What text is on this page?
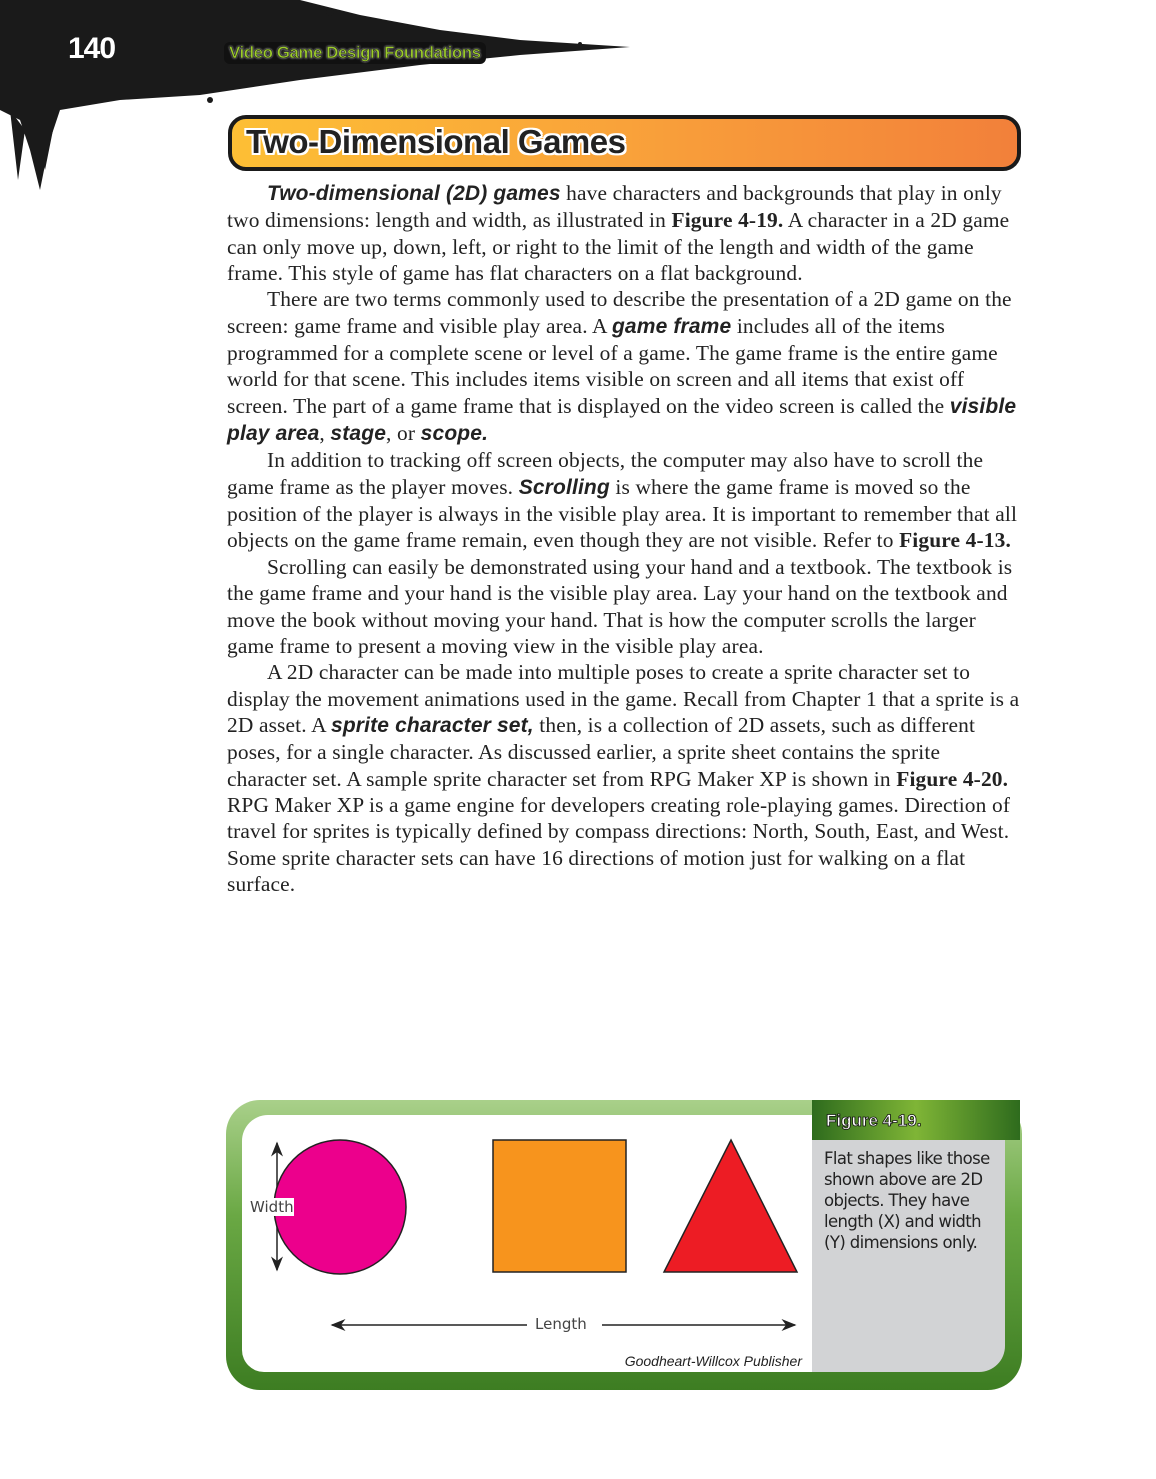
140	Video Game Design Foundations
Two-Dimensional Games

Two-dimensional (2D) games have characters and backgrounds that play in only two dimensions: length and width, as illustrated in Figure 4-19. A character in a 2D game can only move up, down, left, or right to the limit of the length and width of the game frame. This style of game has flat characters on a flat background.

There are two terms commonly used to describe the presentation of a 2D game on the screen: game frame and visible play area. A game frame includes all of the items programmed for a complete scene or level of a game. The game frame is the entire game world for that scene. This includes items visible on screen and all items that exist off screen. The part of a game frame that is displayed on the video screen is called the visible play area, stage, or scope.

In addition to tracking off screen objects, the computer may also have to scroll the game frame as the player moves. Scrolling is where the game frame is moved so the position of the player is always in the visible play area. It is important to remember that all objects on the game frame remain, even though they are not visible. Refer to Figure 4-13.

Scrolling can easily be demonstrated using your hand and a textbook. The textbook is the game frame and your hand is the visible play area. Lay your hand on the textbook and move the book without moving your hand. That is how the computer scrolls the larger game frame to present a moving view in the visible play area.

A 2D character can be made into multiple poses to create a sprite character set to display the movement animations used in the game. Recall from Chapter 1 that a sprite is a 2D asset. A sprite character set, then, is a collection of 2D assets, such as different poses, for a single character. As discussed earlier, a sprite sheet contains the sprite character set. A sample sprite character set from RPG Maker XP is shown in Figure 4-20. RPG Maker XP is a game engine for developers creating role-playing games. Direction of travel for sprites is typically defined by compass directions: North, South, East, and West. Some sprite character sets can have 16 directions of motion just for walking on a flat surface.

Width
Length
Goodheart-Willcox Publisher
Figure 4-19.
Flat shapes like those shown above are 2D objects. They have length (X) and width (Y) dimensions only.
